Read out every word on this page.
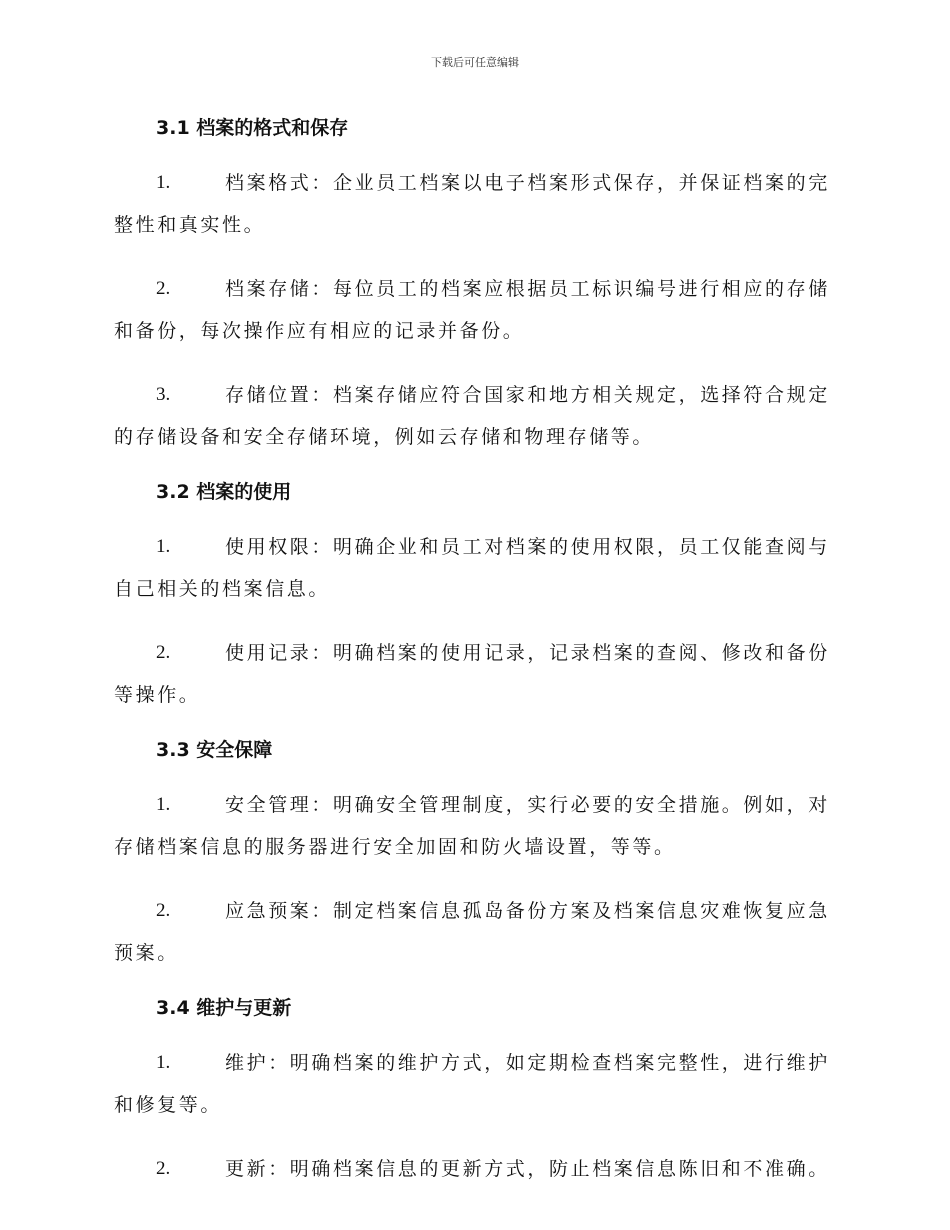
下载后可任意编辑
3.1 档案的格式和保存
1.	档案格式：企业员工档案以电子档案形式保存，并保证档案的完
整性和真实性。
2.	档案存储：每位员工的档案应根据员工标识编号进行相应的存储
和备份，每次操作应有相应的记录并备份。
3.	存储位置：档案存储应符合国家和地方相关规定，选择符合规定
的存储设备和安全存储环境，例如云存储和物理存储等。
3.2 档案的使用
1.	使用权限：明确企业和员工对档案的使用权限，员工仅能查阅与
自己相关的档案信息。
2.	使用记录：明确档案的使用记录，记录档案的查阅、修改和备份
等操作。
3.3 安全保障
1.	安全管理：明确安全管理制度，实行必要的安全措施。例如，对
存储档案信息的服务器进行安全加固和防火墙设置，等等。
2.	应急预案：制定档案信息孤岛备份方案及档案信息灾难恢复应急
预案。
3.4 维护与更新
1.	维护：明确档案的维护方式，如定期检查档案完整性，进行维护
和修复等。
2.	更新：明确档案信息的更新方式，防止档案信息陈旧和不准确。
